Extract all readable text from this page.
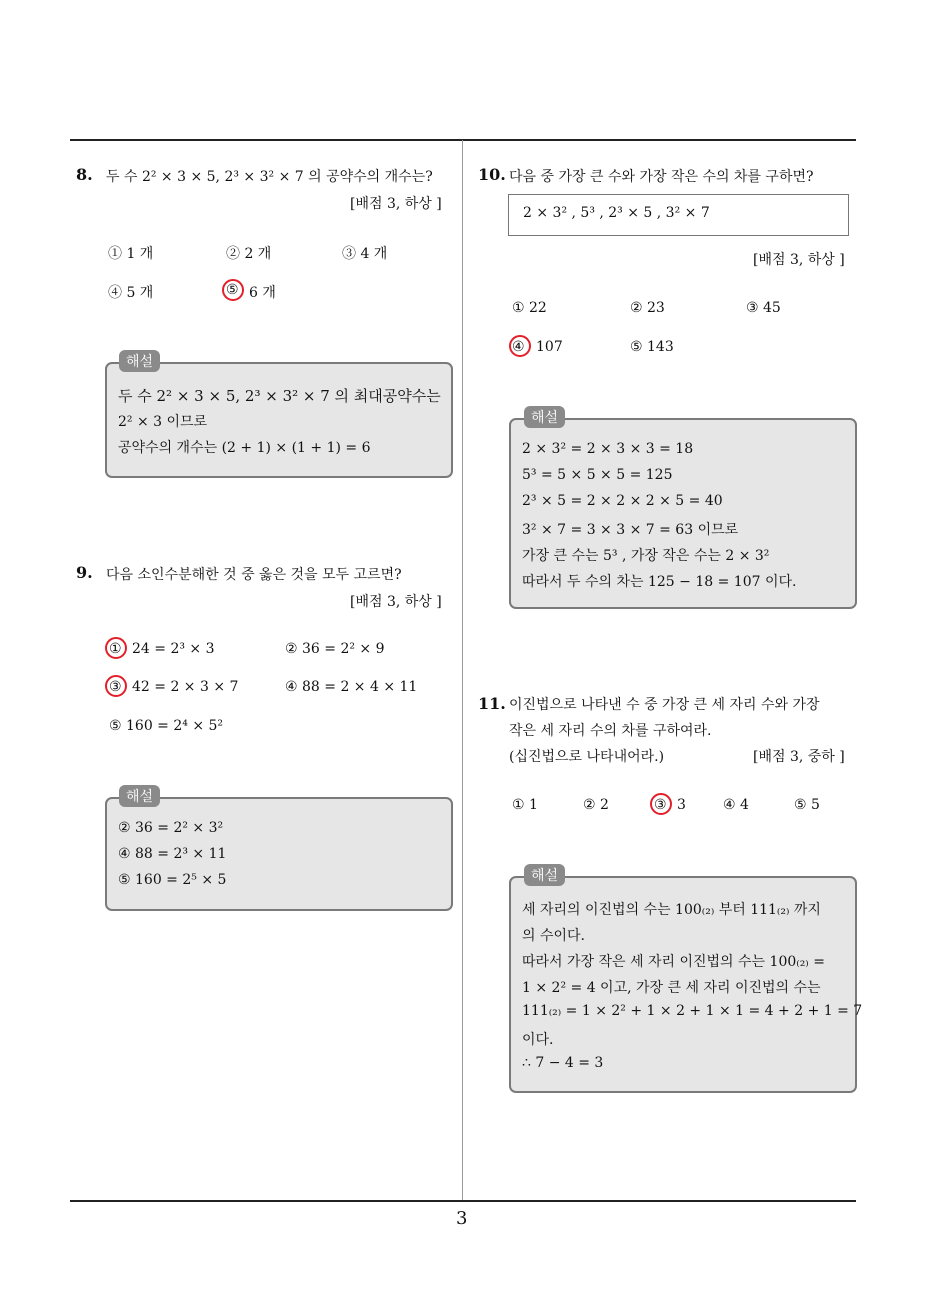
8. 두 수 2² × 3 × 5, 2³ × 3² × 7 의 공약수의 개수는?
[배점 3, 하상 ]
① 1 개	② 2 개	③ 4 개
④ 5 개	⑤ 6 개
해설
두 수 2² × 3 × 5, 2³ × 3² × 7 의 최대공약수는
2² × 3 이므로
공약수의 개수는 (2 + 1) × (1 + 1) = 6
9. 다음 소인수분해한 것 중 옳은 것을 모두 고르면?
[배점 3, 하상 ]
① 24 = 2³ × 3	② 36 = 2² × 9
③ 42 = 2 × 3 × 7	④ 88 = 2 × 4 × 11
⑤ 160 = 2⁴ × 5²
해설
② 36 = 2² × 3²
④ 88 = 2³ × 11
⑤ 160 = 2⁵ × 5
10. 다음 중 가장 큰 수와 가장 작은 수의 차를 구하면?
2 × 3² , 5³ , 2³ × 5 , 3² × 7
[배점 3, 하상 ]
① 22	② 23	③ 45
④ 107	⑤ 143
해설
2 × 3² = 2 × 3 × 3 = 18
5³ = 5 × 5 × 5 = 125
2³ × 5 = 2 × 2 × 2 × 5 = 40
3² × 7 = 3 × 3 × 7 = 63 이므로
가장 큰 수는 5³ , 가장 작은 수는 2 × 3²
따라서 두 수의 차는 125 − 18 = 107 이다.
11. 이진법으로 나타낸 수 중 가장 큰 세 자리 수와 가장
작은 세 자리 수의 차를 구하여라.
(십진법으로 나타내어라.)	[배점 3, 중하 ]
① 1	② 2	③ 3	④ 4	⑤ 5
해설
세 자리의 이진법의 수는 100₍₂₎ 부터 111₍₂₎ 까지
의 수이다.
따라서 가장 작은 세 자리 이진법의 수는 100₍₂₎ =
1 × 2² = 4 이고, 가장 큰 세 자리 이진법의 수는
111₍₂₎ = 1 × 2² + 1 × 2 + 1 × 1 = 4 + 2 + 1 = 7
이다.
∴ 7 − 4 = 3
3
